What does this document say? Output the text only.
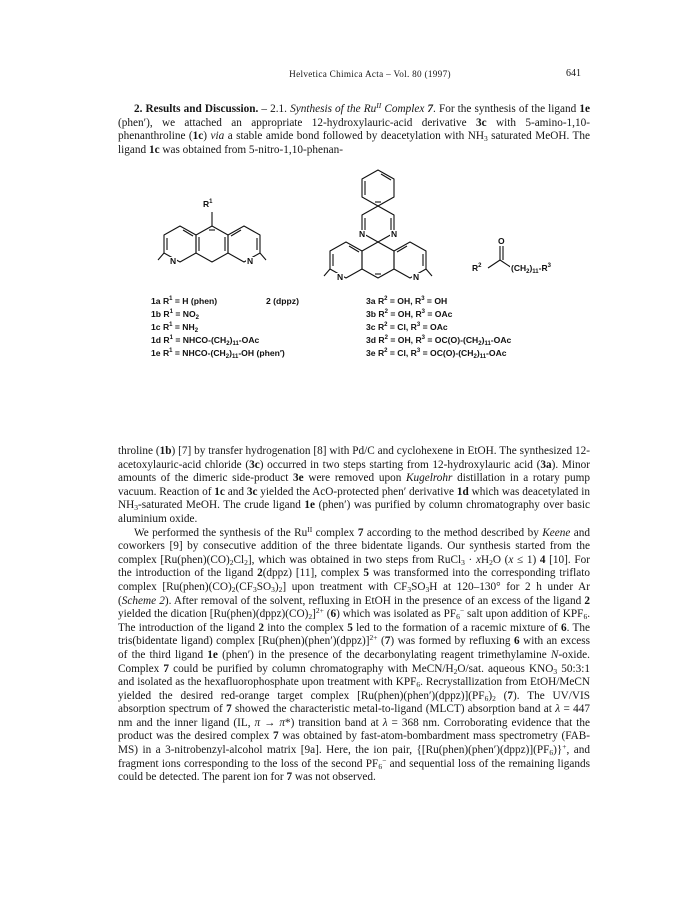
Helvetica Chimica Acta – Vol. 80 (1997)	641

2. Results and Discussion. – 2.1. Synthesis of the $Ru^{II}$ Complex 7. For the synthesis of the ligand 1e (phen′), we attached an appropriate 12-hydroxylauric-acid derivative 3c with 5-amino-1,10-phenanthroline (1c) via a stable amide bond followed by deacetylation with $NH_3$ saturated MeOH. The ligand 1c was obtained from 5-nitro-1,10-phenan-

$R^1$
N	N
N	N
N	N
O
$R^2$	$(CH_2)_{11}-R^3$
1a $R^1 = H$ (phen)
1b $R^1 = NO_2$
1c $R^1 = NH_2$
1d $R^1$ = NHCO-$(CH_2)_{11}$-OAc
1e $R^1$ = NHCO-$(CH_2)_{11}-OH$ (phen′)
2 (dppz)	3a $R^2$ = OH, $R^3$ = OH
3b $R^2$ = OH, $R^3$ = OAc
3c $R^2 = Cl$, $R^3$ = OAc
3d $R^2$ = OH, $R^3 = OC(O)-(CH_2)_{11}-OAc$
3e $R^2 = Cl$, $R^3 = OC(O)-(CH_2)_{11}-OAc$

throline (1b) [7] by transfer hydrogenation [8] with Pd/C and cyclohexene in EtOH. The synthesized 12-acetoxylauric-acid chloride (3c) occurred in two steps starting from 12-hydroxylauric acid (3a). Minor amounts of the dimeric side-product 3e were removed upon Kugelrohr distillation in a rotary pump vacuum. Reaction of 1c and 3c yielded the AcO-protected phen′ derivative 1d which was deacetylated in $NH_3$-saturated MeOH. The crude ligand 1e (phen′) was purified by column chromatography over basic aluminium oxide.

We performed the synthesis of the $Ru^{II}$ complex 7 according to the method described by Keene and coworkers [9] by consecutive addition of the three bidentate ligands. Our synthesis started from the complex $[Ru(phen)(CO)_2Cl_2]$, which was obtained in two steps from RuCl$_3$ · $xH_2O$ (x ≤ 1) 4 [10]. For the introduction of the ligand 2(dppz) [11], complex 5 was transformed into the corresponding triflato complex $[Ru(phen)(CO)_2(CF_3SO_3)_2]$ upon treatment with $CF_3SO_3H$ at 120–130° for 2 h under Ar (Scheme 2). After removal of the solvent, refluxing in EtOH in the presence of an excess of the ligand 2 yielded the dication $[Ru(phen)(dppz)(CO)_2]^{2+}$ (6) which was isolated as $PF_6^-$ salt upon addition of $KPF_6$. The introduction of the ligand 2 into the complex 5 led to the formation of a racemic mixture of 6. The tris(bidentate ligand) complex [Ru(phen)(phen′)(dppz)]$^{2+}$ (7) was formed by refluxing 6 with an excess of the third ligand 1e (phen′) in the presence of the decarbonylating reagent trimethylamine N-oxide. Complex 7 could be purified by column chromatography with MeCN/$H_2O$/sat. aqueous $KNO_3$ 50:3:1 and isolated as the hexafluorophosphate upon treatment with $KPF_6$. Recrystallization from EtOH/MeCN yielded the desired red-orange target complex $[Ru(phen)(phen')(dppz)](PF_6)_2$ (7). The UV/VIS absorption spectrum of 7 showed the characteristic metal-to-ligand (MLCT) absorption band at λ = 447 nm and the inner ligand (IL, π → π*) transition band at λ = 368 nm. Corroborating evidence that the product was the desired complex 7 was obtained by fast-atom-bombardment mass spectrometry (FAB-MS) in a 3-nitrobenzyl-alcohol matrix [9a]. Here, the ion pair, $\{[Ru(phen)(phen')(dppz)](PF_6)\}^+$, and fragment ions corresponding to the loss of the second $PF_6^-$ and sequential loss of the remaining ligands could be detected. The parent ion for 7 was not observed.
